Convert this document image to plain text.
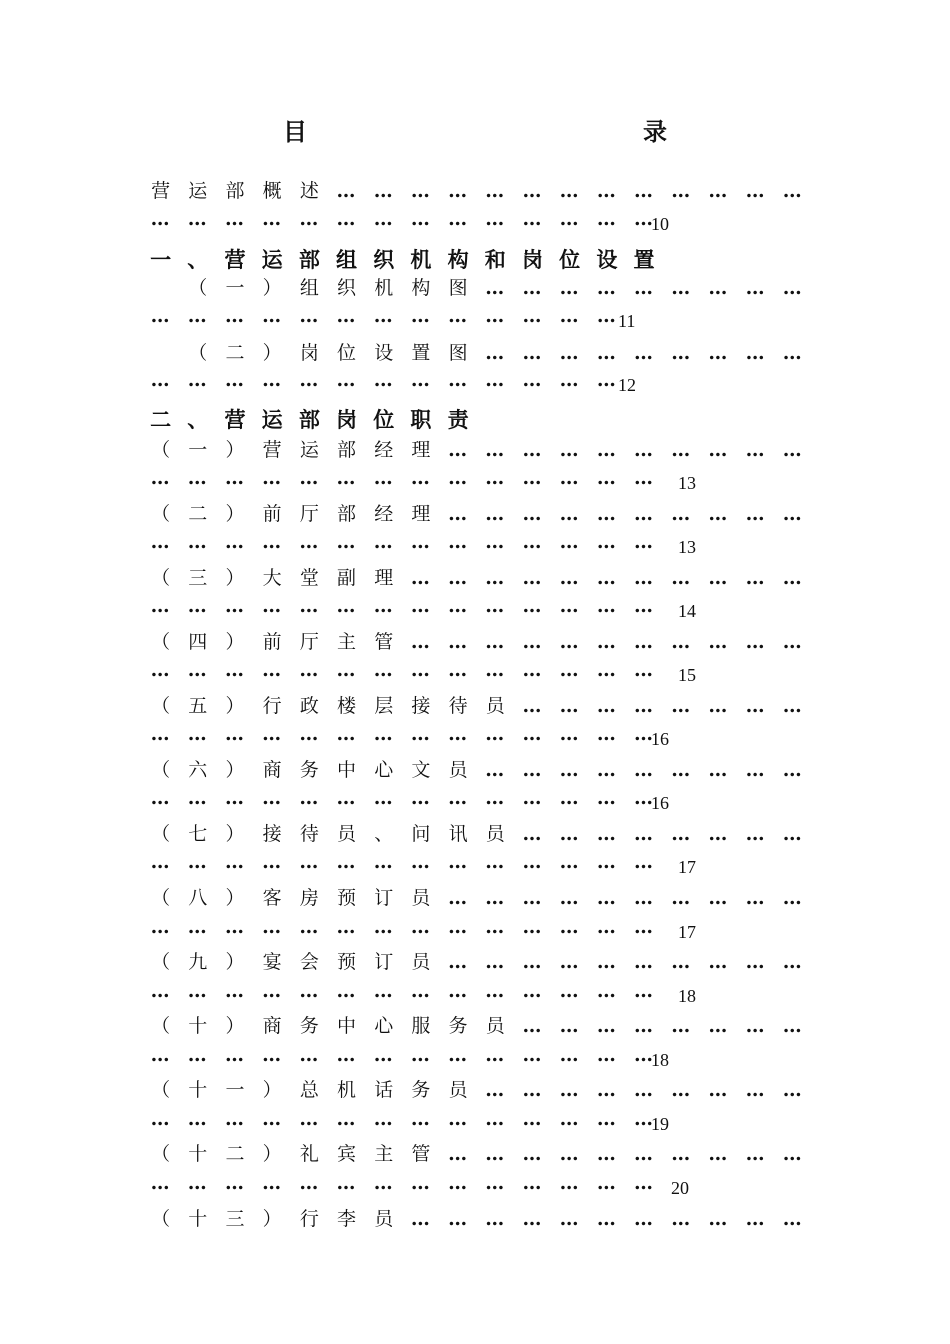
目　　录
营 运 部 概 述 … … … … … … … … … … … … …
… … … … … … … … … … … … … …
10
一 、 营 运 部 组 织 机 构 和 岗 位 设 置
（ 一 ） 组 织 机 构 图 … … … … … … … … …
… … … … … … … … … … … … … 11
（ 二 ） 岗 位 设 置 图 … … … … … … … … …
… … … … … … … … … … … … … 12
二 、 营 运 部 岗 位 职 责
（ 一 ） 营 运 部 经 理 … … … … … … … … … …
… … … … … … … … … … … … … … 13
（ 二 ） 前 厅 部 经 理 … … … … … … … … … …
… … … … … … … … … … … … … … 13
（ 三 ） 大 堂 副 理 … … … … … … … … … … …
… … … … … … … … … … … … … … 14
（ 四 ） 前 厅 主 管 … … … … … … … … … … …
… … … … … … … … … … … … … … 15
（ 五 ） 行 政 楼 层 接 待 员 … … … … … … … …
… … … … … … … … … … … … … …
16
（ 六 ） 商 务 中 心 文 员 … … … … … … … … …
… … … … … … … … … … … … … …
16
（ 七 ） 接 待 员 、 问 讯 员 … … … … … … … …
… … … … … … … … … … … … … … 17
（ 八 ） 客 房 预 订 员 … … … … … … … … … …
… … … … … … … … … … … … … … 17
（ 九 ） 宴 会 预 订 员 … … … … … … … … … …
… … … … … … … … … … … … … … 18
（ 十 ） 商 务 中 心 服 务 员 … … … … … … … …
… … … … … … … … … … … … … …
18
（ 十 一 ） 总 机 话 务 员 … … … … … … … … …
… … … … … … … … … … … … … …
19
（ 十 二 ） 礼 宾 主 管 … … … … … … … … … …
… … … … … … … … … … … … … … 20
（ 十 三 ） 行 李 员 … … … … … … … … … … …
